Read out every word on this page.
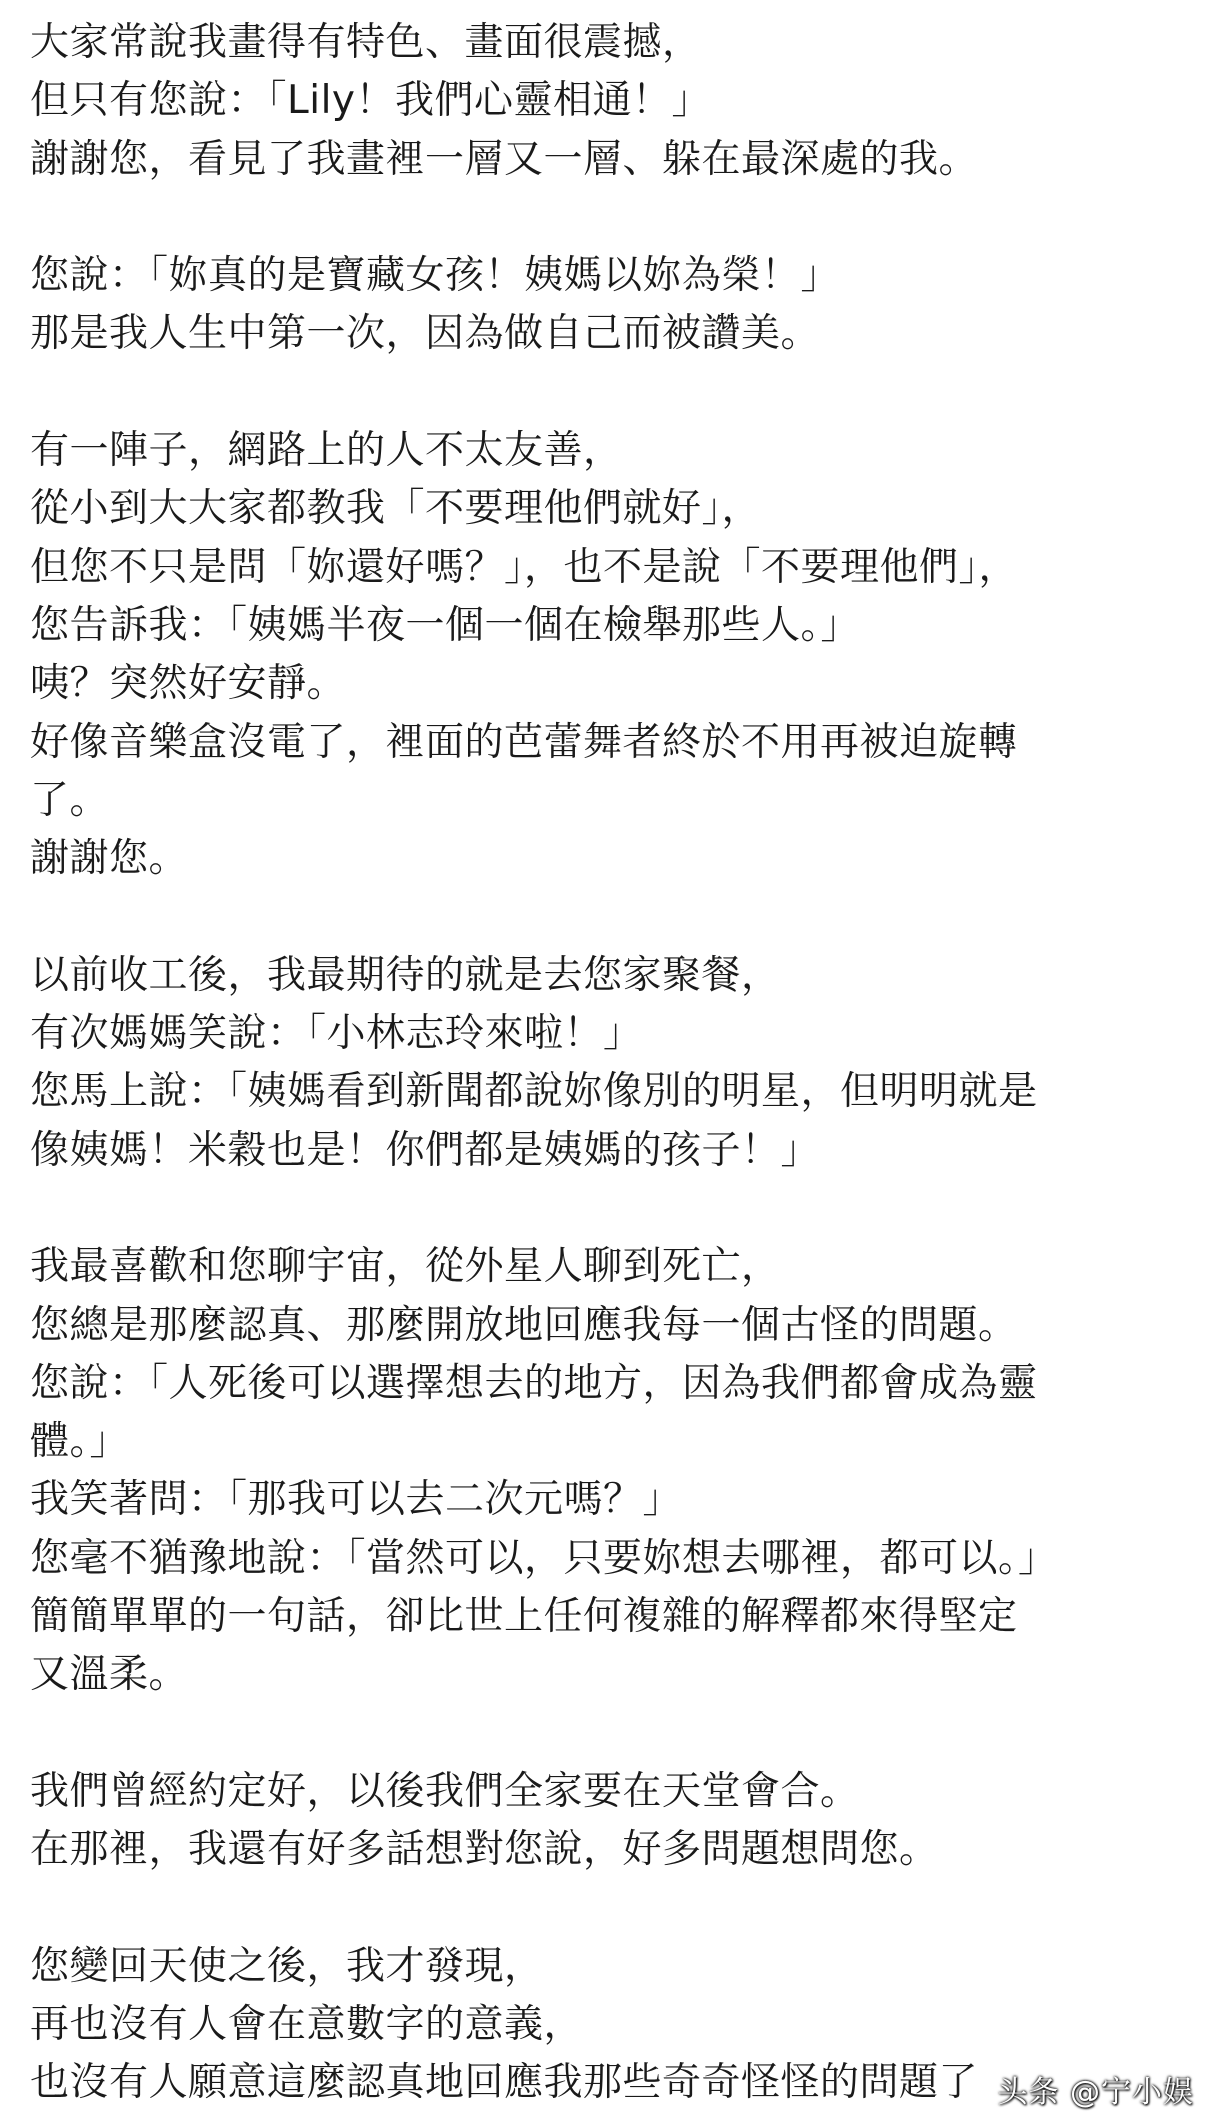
大家常說我畫得有特色、畫面很震撼，
但只有您說：「Lily！我們心靈相通！」
謝謝您，看見了我畫裡一層又一層、躲在最深處的我。
您說：「妳真的是寶藏女孩！姨媽以妳為榮！」
那是我人生中第一次，因為做自己而被讚美。
有一陣子，網路上的人不太友善，
從小到大大家都教我「不要理他們就好」，
但您不只是問「妳還好嗎？」，也不是說「不要理他們」，
您告訴我：「姨媽半夜一個一個在檢舉那些人。」
咦？突然好安靜。
好像音樂盒沒電了，裡面的芭蕾舞者終於不用再被迫旋轉
了。
謝謝您。
以前收工後，我最期待的就是去您家聚餐，
有次媽媽笑說：「小林志玲來啦！」
您馬上說：「姨媽看到新聞都說妳像別的明星，但明明就是
像姨媽！米穀也是！你們都是姨媽的孩子！」
我最喜歡和您聊宇宙，從外星人聊到死亡，
您總是那麼認真、那麼開放地回應我每一個古怪的問題。
您說：「人死後可以選擇想去的地方，因為我們都會成為靈
體。」
我笑著問：「那我可以去二次元嗎？」
您毫不猶豫地說：「當然可以，只要妳想去哪裡，都可以。」
簡簡單單的一句話，卻比世上任何複雜的解釋都來得堅定
又溫柔。
我們曾經約定好，以後我們全家要在天堂會合。
在那裡，我還有好多話想對您說，好多問題想問您。
您變回天使之後，我才發現，
再也沒有人會在意數字的意義，
也沒有人願意這麼認真地回應我那些奇奇怪怪的問題了 头条 @宁小娱
